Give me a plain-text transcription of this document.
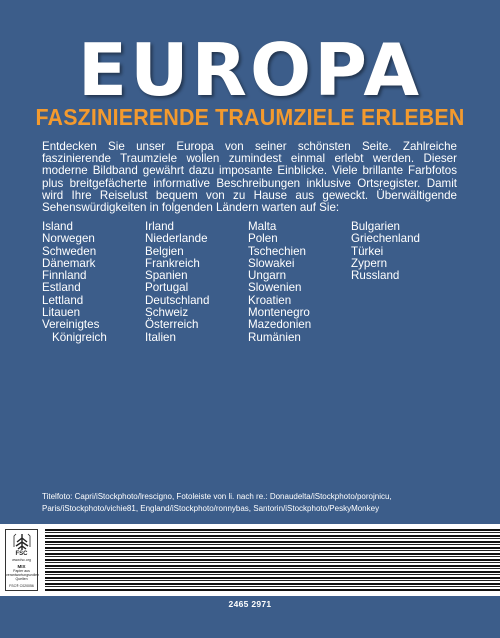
EUROPA
FASZINIERENDE TRAUMZIELE ERLEBEN

Entdecken Sie unser Europa von seiner schönsten Seite. Zahlreiche faszinierende Traumziele wollen zumindest einmal erlebt werden. Dieser moderne Bildband gewährt dazu imposante Einblicke. Viele brillante Farbfotos plus breitgefächerte informative Beschreibungen inklusive Ortsregister. Damit wird Ihre Reiselust bequem von zu Hause aus geweckt. Überwältigende Sehenswürdigkeiten in folgenden Ländern warten auf Sie:

Island
Norwegen
Schweden
Dänemark
Finnland
Estland
Lettland
Litauen
Vereinigtes
Königreich
Irland
Niederlande
Belgien
Frankreich
Spanien
Portugal
Deutschland
Schweiz
Österreich
Italien
Malta
Polen
Tschechien
Slowakei
Ungarn
Slowenien
Kroatien
Montenegro
Mazedonien
Rumänien
Bulgarien
Griechenland
Türkei
Zypern
Russland
Titelfoto: Capri/iStockphoto/lrescigno, Fotoleiste von li. nach re.: Donaudelta/iStockphoto/porojnicu,
Paris/iStockphoto/vichie81, England/iStockphoto/ronnybas, Santorin/iStockphoto/PeskyMonkey
FSC
www.fsc.org
MIX
Papier aus verantwortungsvollen Quellen
FSC® C020056
2465 2971
